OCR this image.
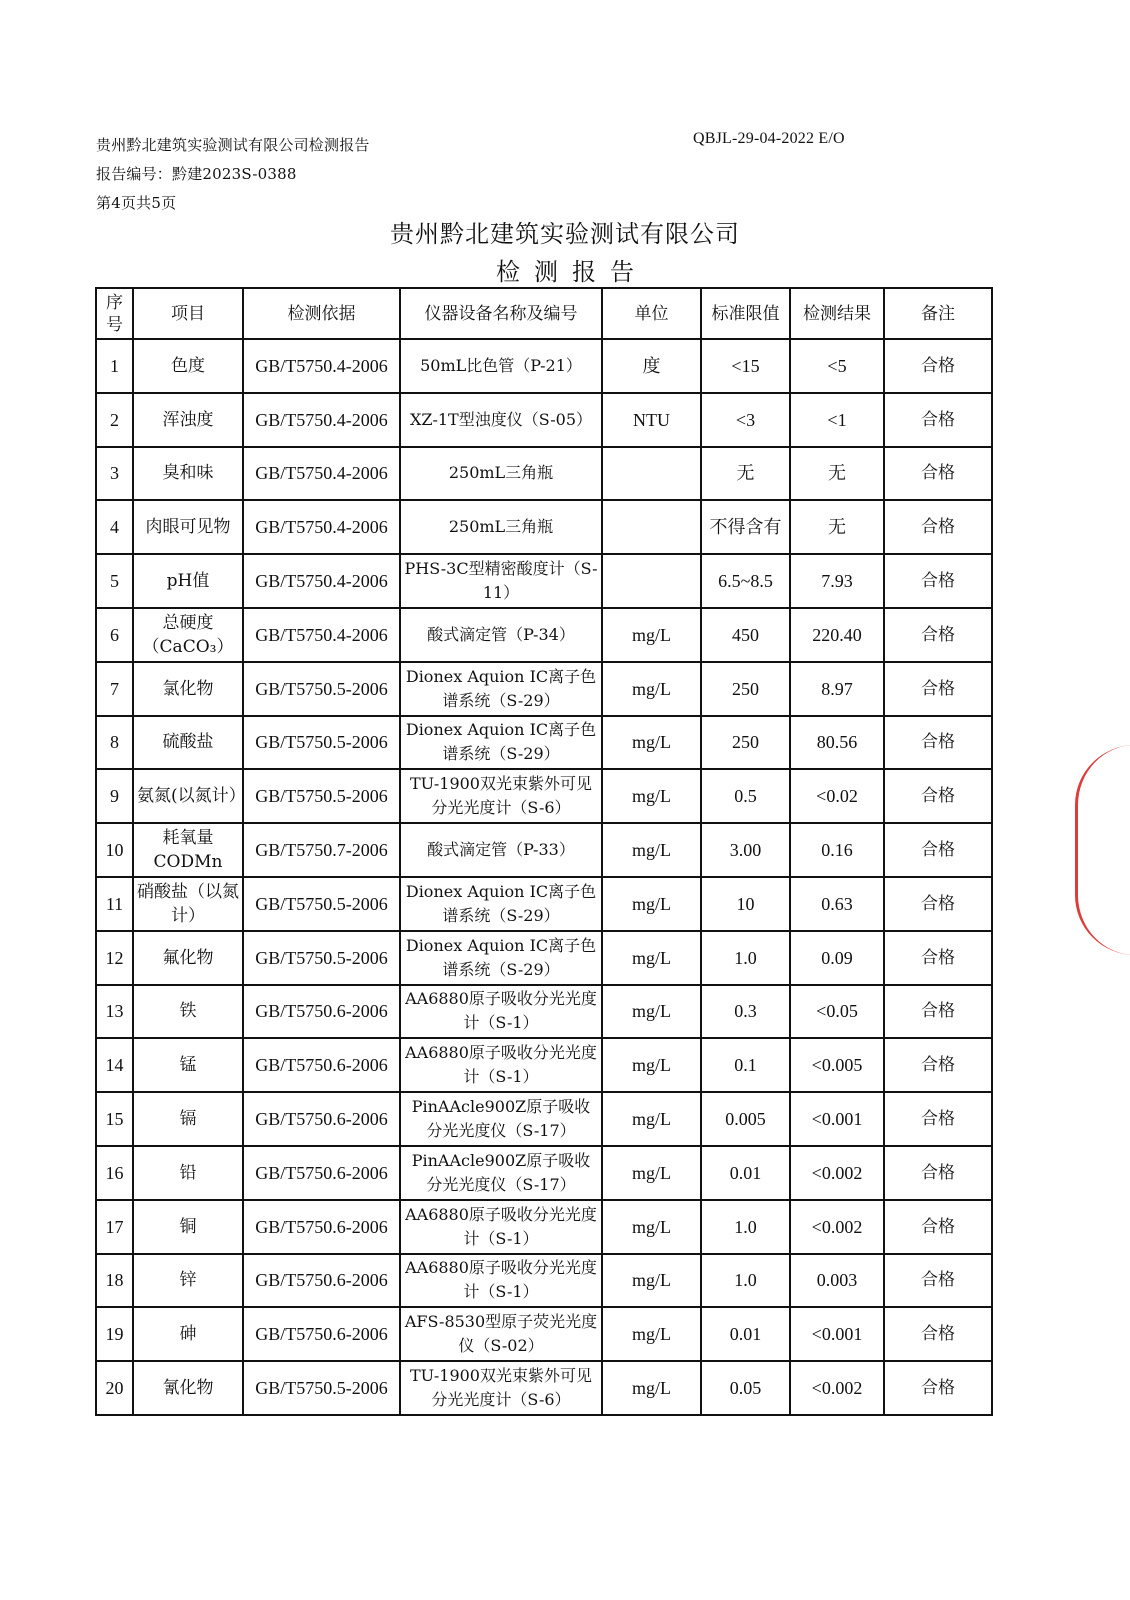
贵州黔北建筑实验测试有限公司检测报告
报告编号：黔建2023S-0388
第4页共5页
QBJL-29-04-2022 E/O
贵州黔北建筑实验测试有限公司
检测报告
序号	项目	检测依据	仪器设备名称及编号	单位	标准限值	检测结果	备注
1	色度	GB/T5750.4-2006	50mL比色管（P-21）	度	<15	<5	合格
2	浑浊度	GB/T5750.4-2006	XZ-1T型浊度仪（S-05）	NTU	<3	<1	合格
3	臭和味	GB/T5750.4-2006	250mL三角瓶		无	无	合格
4	肉眼可见物	GB/T5750.4-2006	250mL三角瓶		不得含有	无	合格
5	pH值	GB/T5750.4-2006	PHS-3C型精密酸度计（S-11）		6.5~8.5	7.93	合格
6	总硬度（CaCO₃）	GB/T5750.4-2006	酸式滴定管（P-34）	mg/L	450	220.40	合格
7	氯化物	GB/T5750.5-2006	Dionex Aquion IC离子色谱系统（S-29）	mg/L	250	8.97	合格
8	硫酸盐	GB/T5750.5-2006	Dionex Aquion IC离子色谱系统（S-29）	mg/L	250	80.56	合格
9	氨氮(以氮计）	GB/T5750.5-2006	TU-1900双光束紫外可见分光光度计（S-6）	mg/L	0.5	<0.02	合格
10	耗氧量 CODMn	GB/T5750.7-2006	酸式滴定管（P-33）	mg/L	3.00	0.16	合格
11	硝酸盐（以氮计）	GB/T5750.5-2006	Dionex Aquion IC离子色谱系统（S-29）	mg/L	10	0.63	合格
12	氟化物	GB/T5750.5-2006	Dionex Aquion IC离子色谱系统（S-29）	mg/L	1.0	0.09	合格
13	铁	GB/T5750.6-2006	AA6880原子吸收分光光度计（S-1）	mg/L	0.3	<0.05	合格
14	锰	GB/T5750.6-2006	AA6880原子吸收分光光度计（S-1）	mg/L	0.1	<0.005	合格
15	镉	GB/T5750.6-2006	PinAAcle900Z原子吸收分光光度仪（S-17）	mg/L	0.005	<0.001	合格
16	铅	GB/T5750.6-2006	PinAAcle900Z原子吸收分光光度仪（S-17）	mg/L	0.01	<0.002	合格
17	铜	GB/T5750.6-2006	AA6880原子吸收分光光度计（S-1）	mg/L	1.0	<0.002	合格
18	锌	GB/T5750.6-2006	AA6880原子吸收分光光度计（S-1）	mg/L	1.0	0.003	合格
19	砷	GB/T5750.6-2006	AFS-8530型原子荧光光度仪（S-02）	mg/L	0.01	<0.001	合格
20	氰化物	GB/T5750.5-2006	TU-1900双光束紫外可见分光光度计（S-6）	mg/L	0.05	<0.002	合格
